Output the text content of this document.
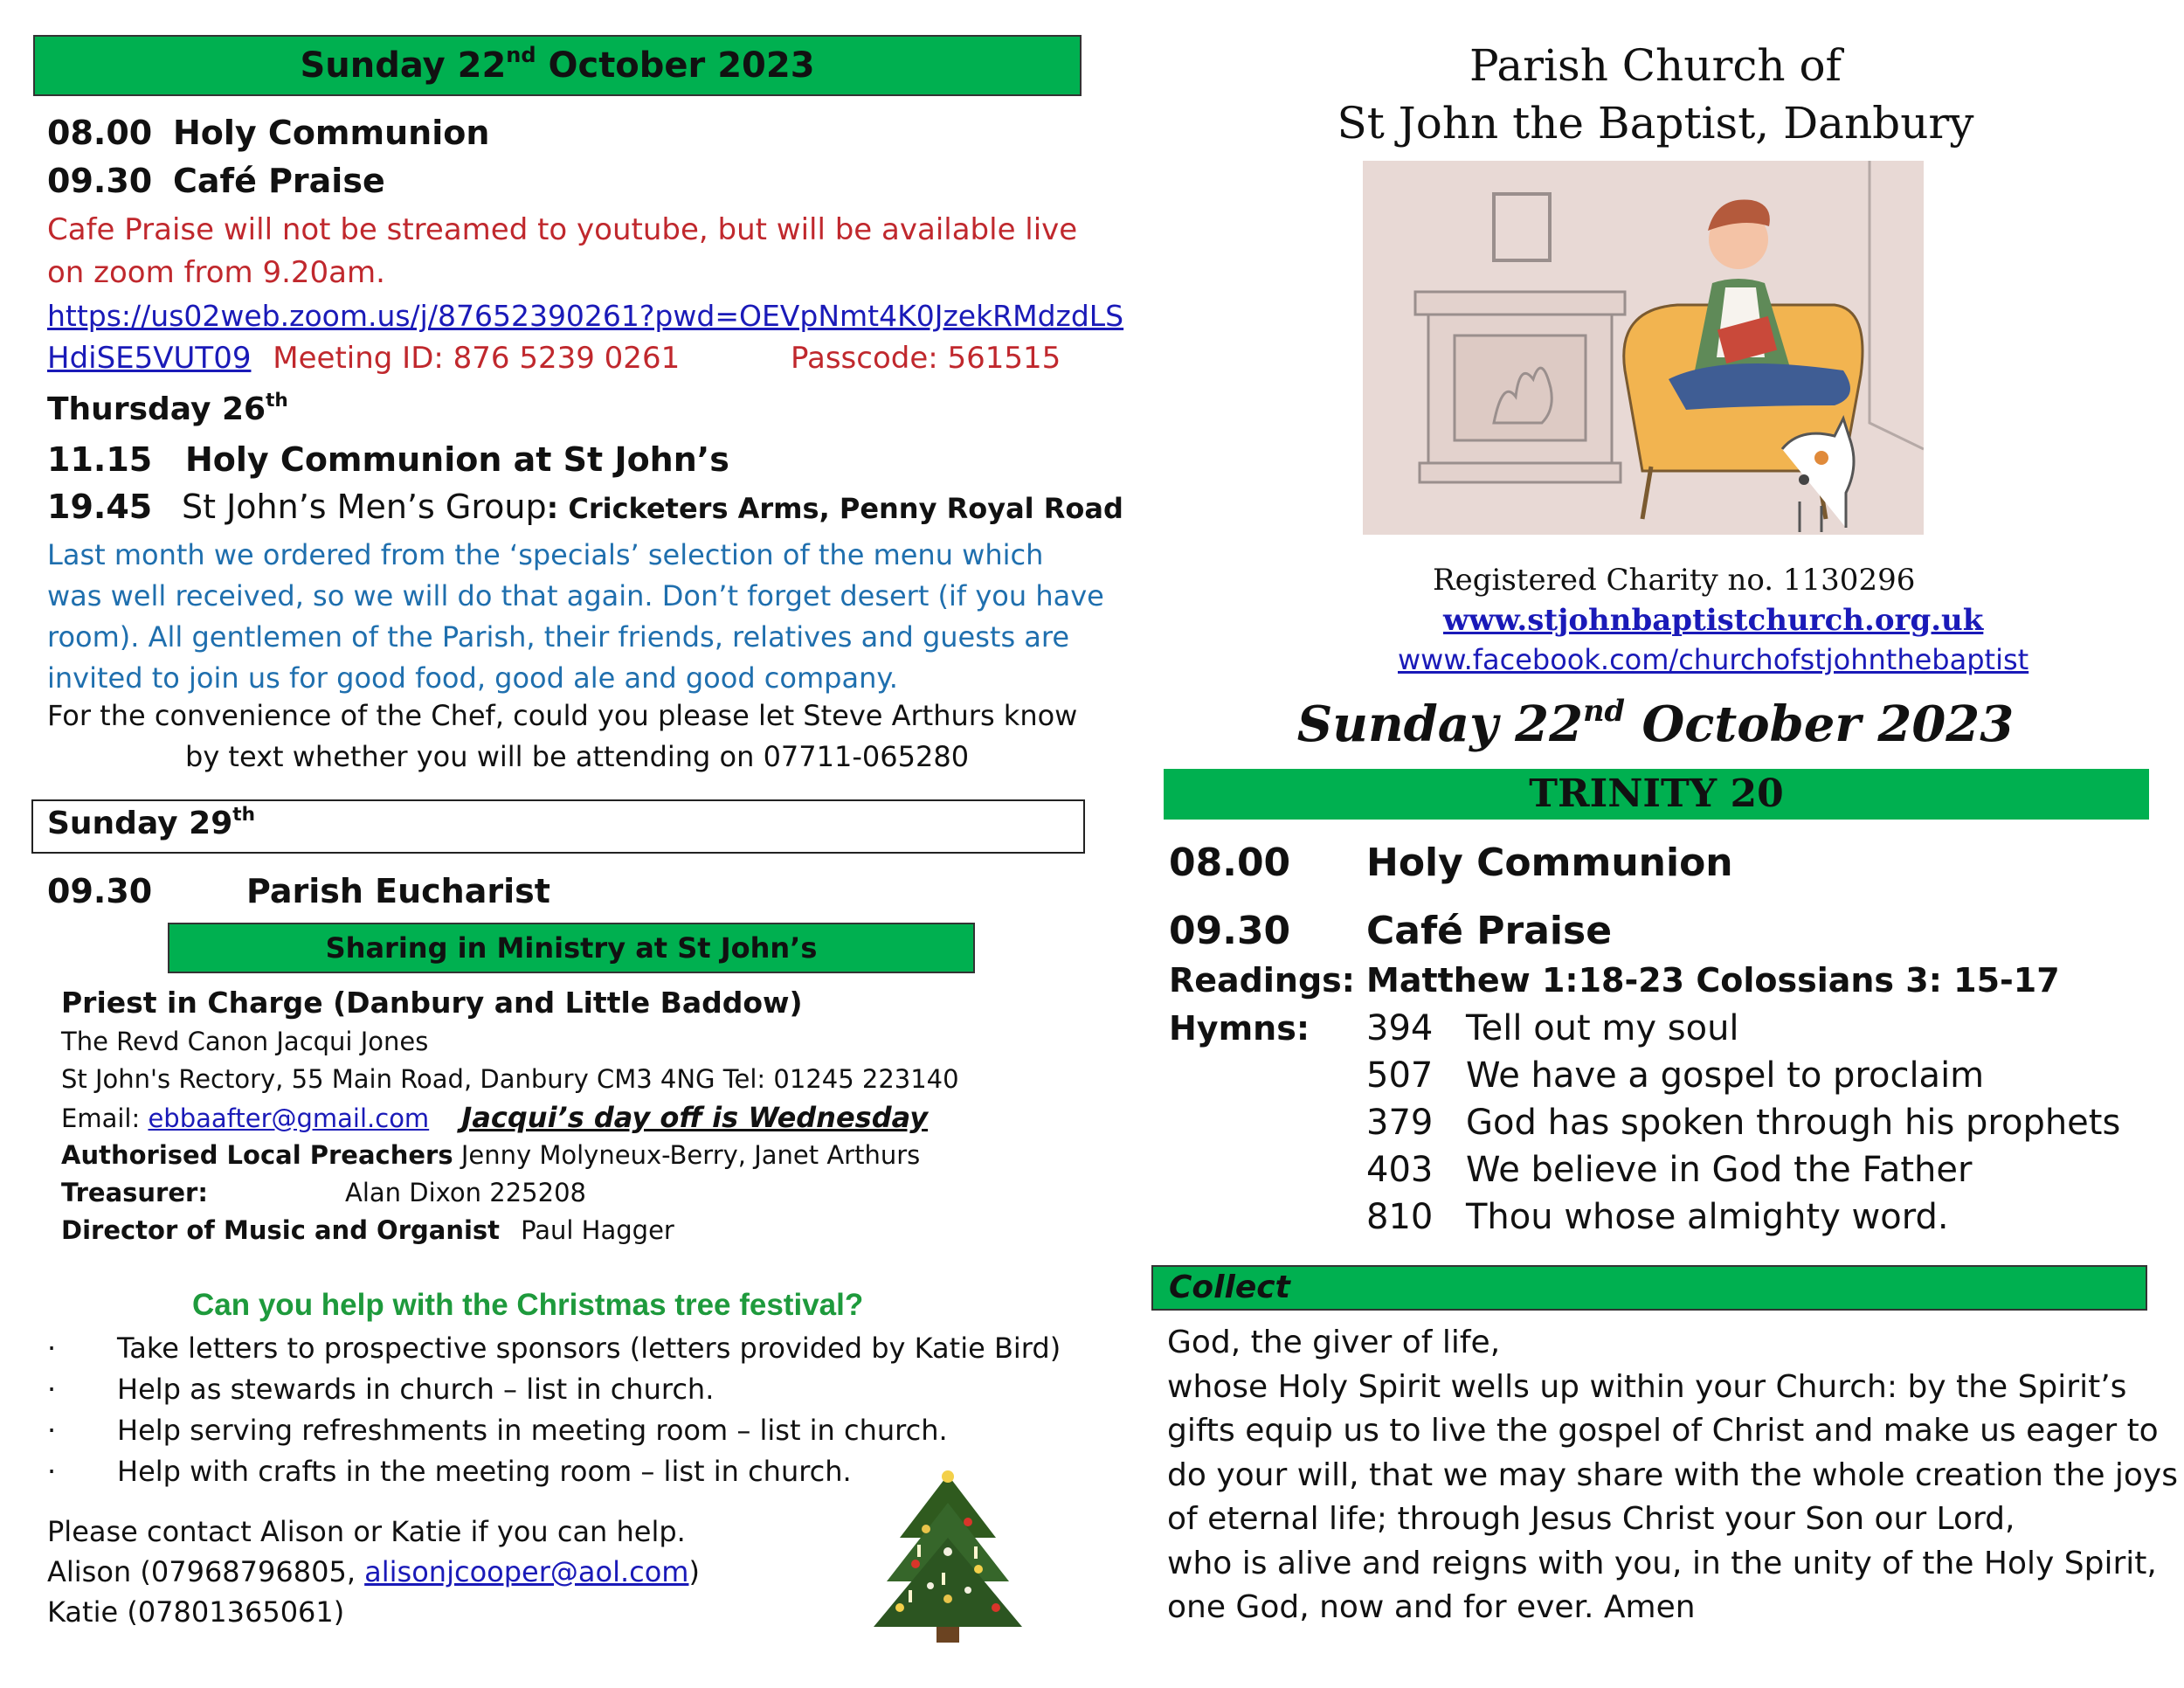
Sunday 22nd October 2023
08.00 Holy Communion
09.30 Café Praise
Cafe Praise will not be streamed to youtube, but will be available live
on zoom from 9.20am.
https://us02web.zoom.us/j/87652390261?pwd=OEVpNmt4K0JzekRMdzdLS
HdiSE5VUT09 Meeting ID: 876 5239 0261	Passcode: 561515
Thursday 26th
11.15 Holy Communion at St John’s
19.45 St John’s Men’s Group: Cricketers Arms, Penny Royal Road
Last month we ordered from the ‘specials’ selection of the menu which
was well received, so we will do that again. Don’t forget desert (if you have
room). All gentlemen of the Parish, their friends, relatives and guests are
invited to join us for good food, good ale and good company.
For the convenience of the Chef, could you please let Steve Arthurs know
by text whether you will be attending on 07711-065280
Sunday 29th
09.30	Parish Eucharist
Sharing in Ministry at St John’s
Priest in Charge (Danbury and Little Baddow)
The Revd Canon Jacqui Jones
St John's Rectory, 55 Main Road, Danbury CM3 4NG Tel: 01245 223140
Email: ebbaafter@gmail.com Jacqui’s day off is Wednesday
Authorised Local Preachers Jenny Molyneux-Berry, Janet Arthurs
Treasurer:	Alan Dixon 225208
Director of Music and Organist Paul Hagger
Can you help with the Christmas tree festival?
· Take letters to prospective sponsors (letters provided by Katie Bird)
· Help as stewards in church – list in church.
· Help serving refreshments in meeting room – list in church.
· Help with crafts in the meeting room – list in church.
Please contact Alison or Katie if you can help.
Alison (07968796805, alisonjcooper@aol.com)
Katie (07801365061)
Parish Church of
St John the Baptist, Danbury
Registered Charity no. 1130296
www.stjohnbaptistchurch.org.uk
www.facebook.com/churchofstjohnthebaptist
Sunday 22nd October 2023
TRINITY 20
08.00 Holy Communion
09.30 Café Praise
Readings: Matthew 1:18-23 Colossians 3: 15-17
Hymns: 394 Tell out my soul
507 We have a gospel to proclaim
379 God has spoken through his prophets
403 We believe in God the Father
810 Thou whose almighty word.
Collect
God, the giver of life,
whose Holy Spirit wells up within your Church: by the Spirit’s
gifts equip us to live the gospel of Christ and make us eager to
do your will, that we may share with the whole creation the joys
of eternal life; through Jesus Christ your Son our Lord,
who is alive and reigns with you, in the unity of the Holy Spirit,
one God, now and for ever. Amen
